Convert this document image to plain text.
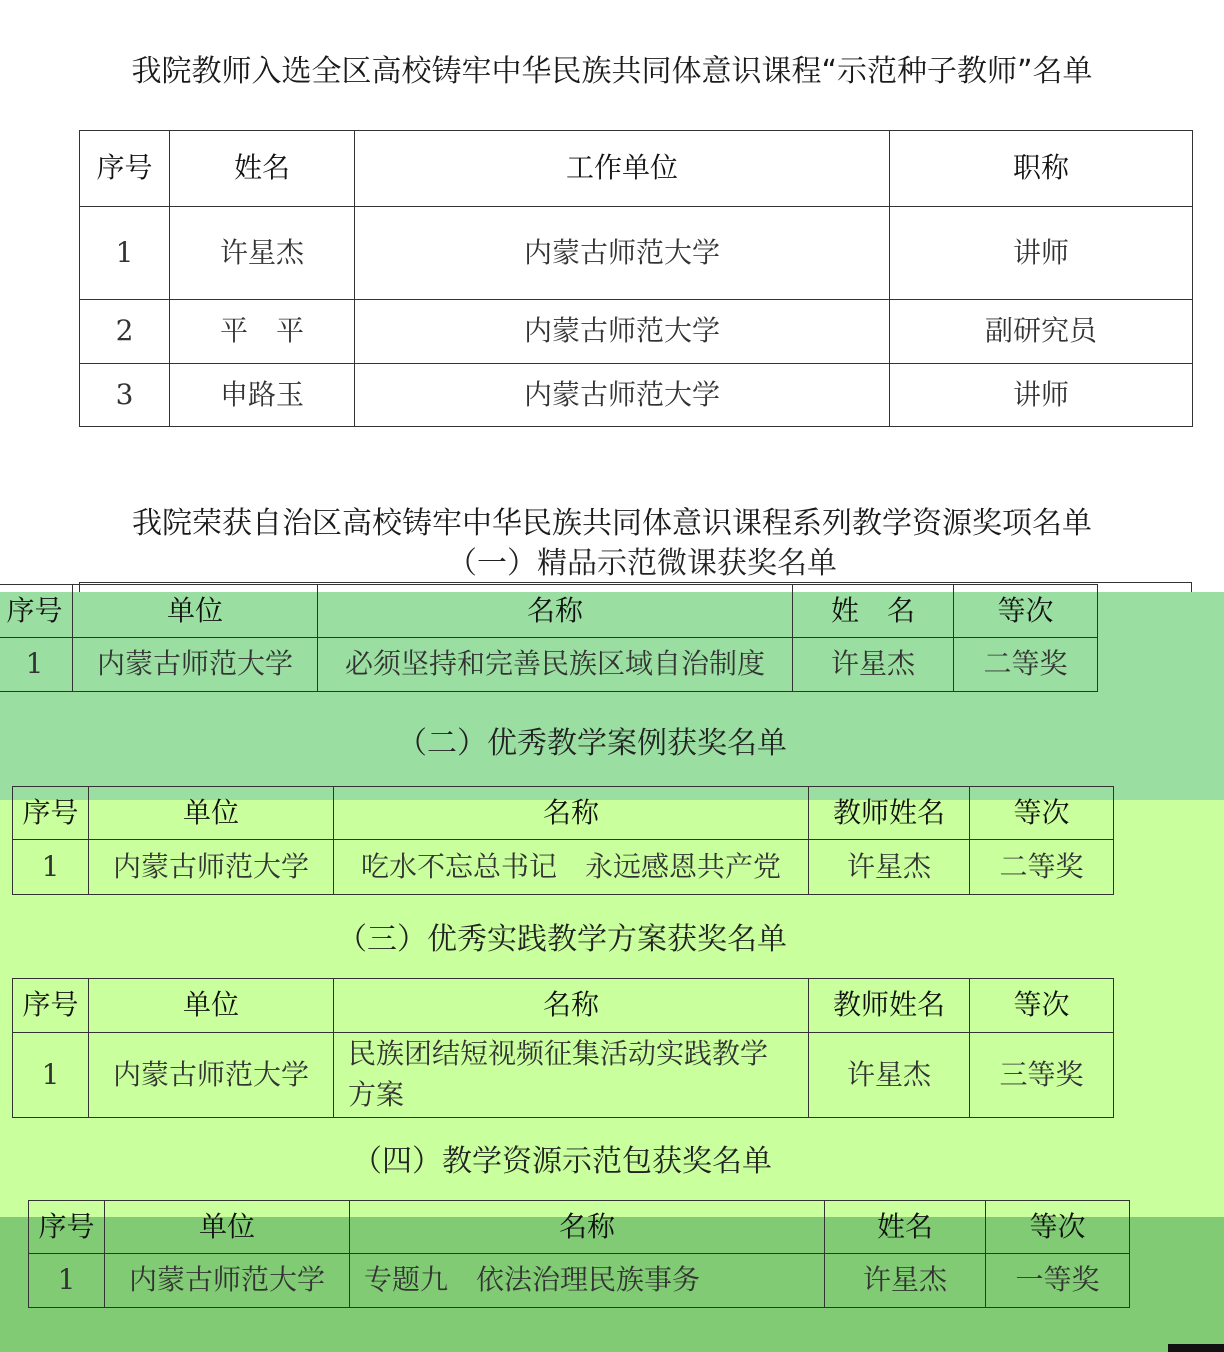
我院教师入选全区高校铸牢中华民族共同体意识课程“示范种子教师”名单
序号	姓名	工作单位	职称
1	许星杰	内蒙古师范大学	讲师
2	平　平	内蒙古师范大学	副研究员
3	申路玉	内蒙古师范大学	讲师
我院荣获自治区高校铸牢中华民族共同体意识课程系列教学资源奖项名单
（一）精品示范微课获奖名单
序号	单位	名称	姓　名	等次
1	内蒙古师范大学	必须坚持和完善民族区域自治制度	许星杰	二等奖
（二）优秀教学案例获奖名单
序号	单位	名称	教师姓名	等次
1	内蒙古师范大学	吃水不忘总书记　永远感恩共产党	许星杰	二等奖
（三）优秀实践教学方案获奖名单
序号	单位	名称	教师姓名	等次
1	内蒙古师范大学	民族团结短视频征集活动实践教学方案	许星杰	三等奖
（四）教学资源示范包获奖名单
序号	单位	名称	姓名	等次
1	内蒙古师范大学	专题九　依法治理民族事务	许星杰	一等奖
